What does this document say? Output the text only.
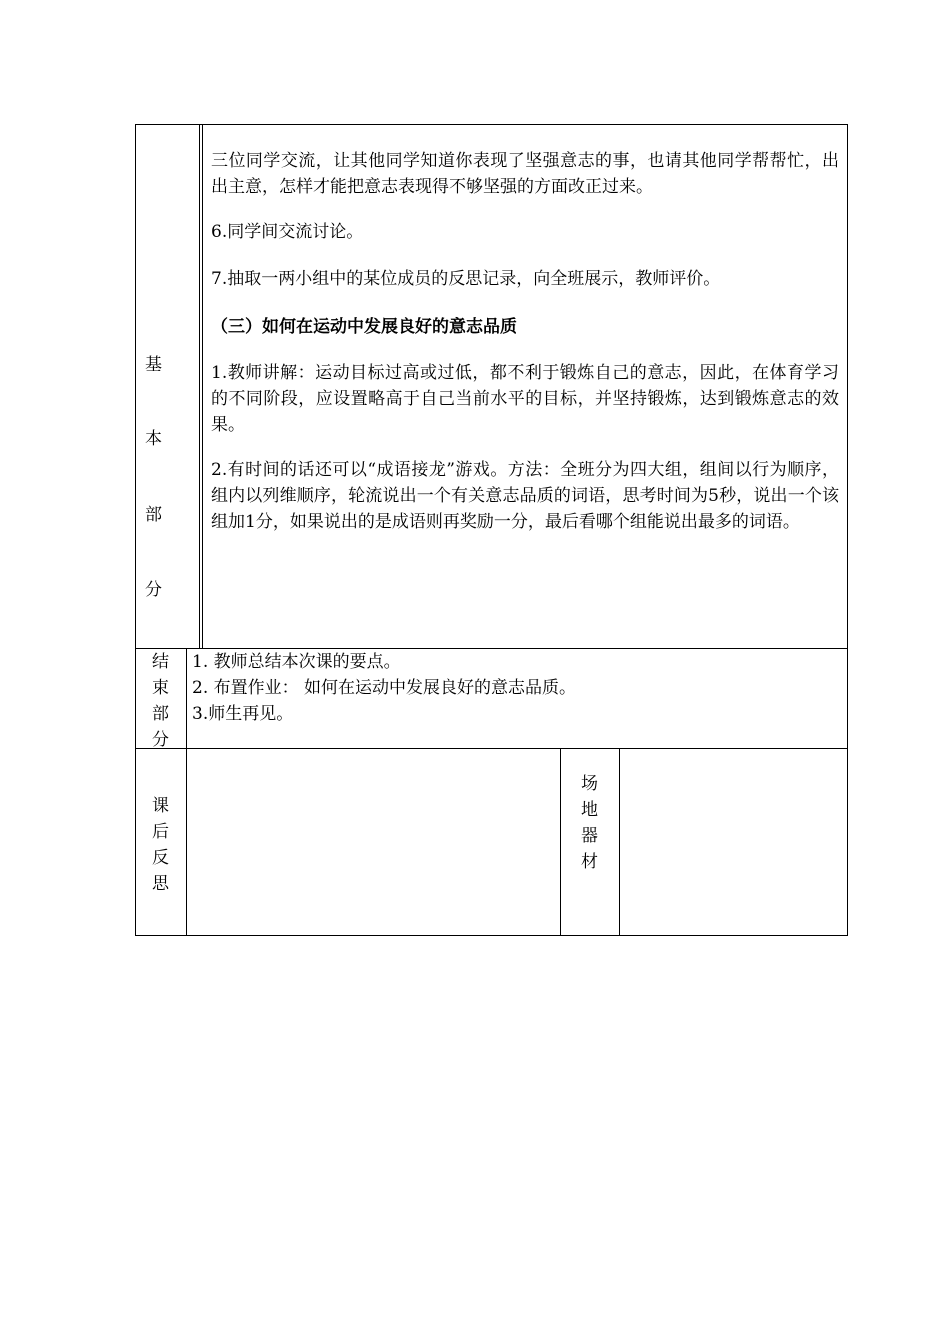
基
本
部
分

三位同学交流，让其他同学知道你表现了坚强意志的事，也请其他同学帮帮忙，出出主意，怎样才能把意志表现得不够坚强的方面改正过来。

6.同学间交流讨论。

7.抽取一两小组中的某位成员的反思记录，向全班展示，教师评价。

（三）如何在运动中发展良好的意志品质

1.教师讲解：运动目标过高或过低，都不利于锻炼自己的意志，因此，在体育学习的不同阶段，应设置略高于自己当前水平的目标，并坚持锻炼，达到锻炼意志的效果。

2.有时间的话还可以“成语接龙”游戏。方法：全班分为四大组，组间以行为顺序，组内以列维顺序，轮流说出一个有关意志品质的词语，思考时间为5秒，说出一个该组加1分，如果说出的是成语则再奖励一分，最后看哪个组能说出最多的词语。

结
束
部
分
1. 教师总结本次课的要点。
2. 布置作业： 如何在运动中发展良好的意志品质。
3.师生再见。
课
后
反
思
场
地
器
材
